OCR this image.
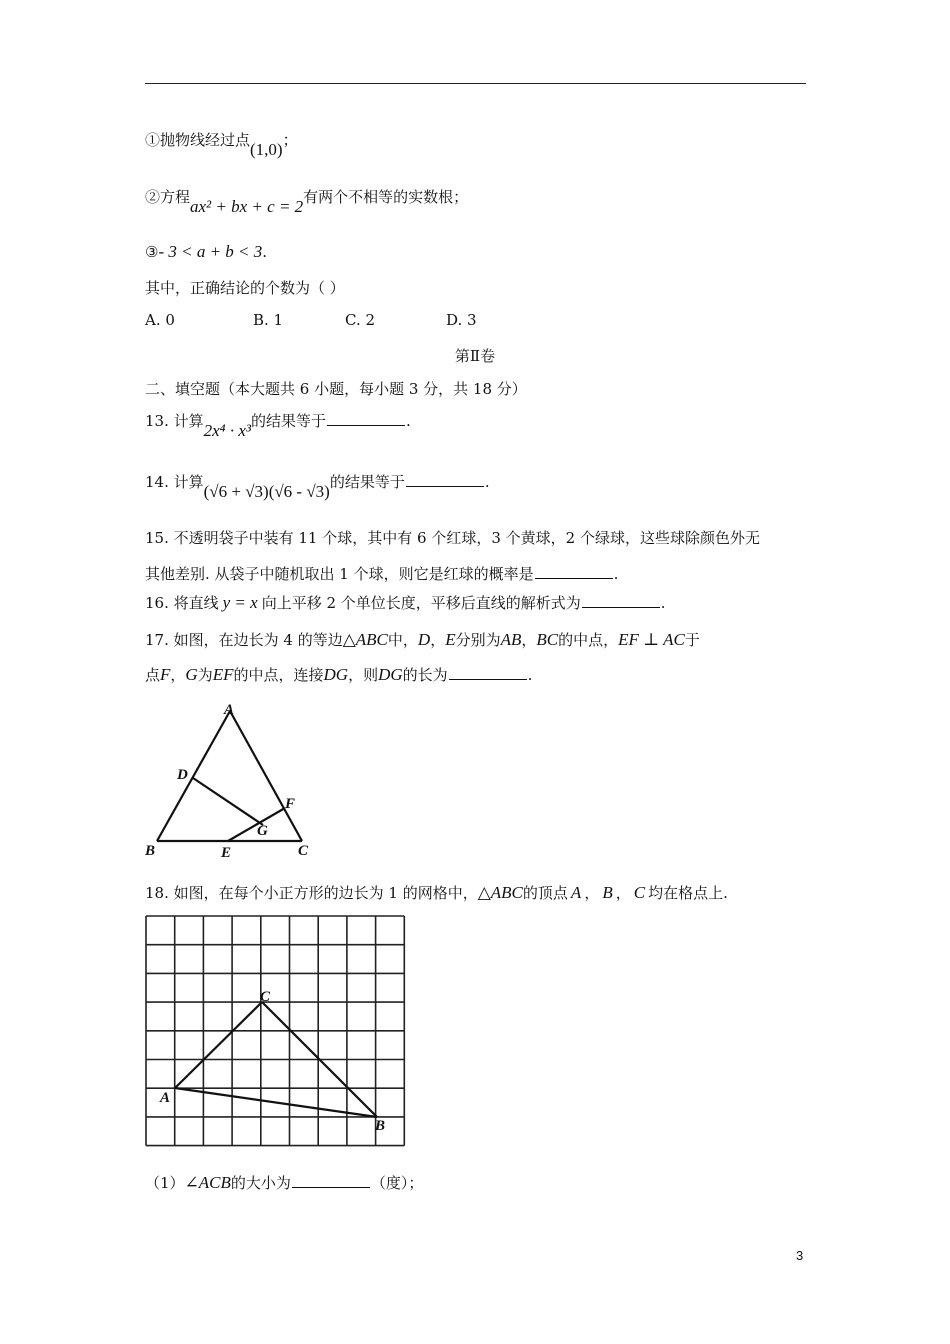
①抛物线经过点(1,0)；
②方程ax² + bx + c = 2有两个不相等的实数根；
③- 3 < a + b < 3.
其中，正确结论的个数为（ ）
A. 0	B. 1	C. 2	D. 3
第Ⅱ卷
二、填空题（本大题共 6 小题，每小题 3 分，共 18 分）
13. 计算2x⁴ · x³的结果等于	.
14. 计算(√6 + √3)(√6 - √3)的结果等于	.
15. 不透明袋子中装有 11 个球，其中有 6 个红球，3 个黄球，2 个绿球，这些球除颜色外无
其他差别. 从袋子中随机取出 1 个球，则它是红球的概率是	.
16. 将直线 y = x 向上平移 2 个单位长度，平移后直线的解析式为	.
17. 如图，在边长为 4 的等边△ABC中，D，E分别为AB，BC的中点，EF ⊥ AC于
点F，G为EF的中点，连接DG，则DG的长为	.
A
B	C
D
E
F
G
18. 如图，在每个小正方形的边长为 1 的网格中，△ABC的顶点 A ， B ， C 均在格点上.
A
B
C
（1）∠ACB的大小为	（度）；
3
